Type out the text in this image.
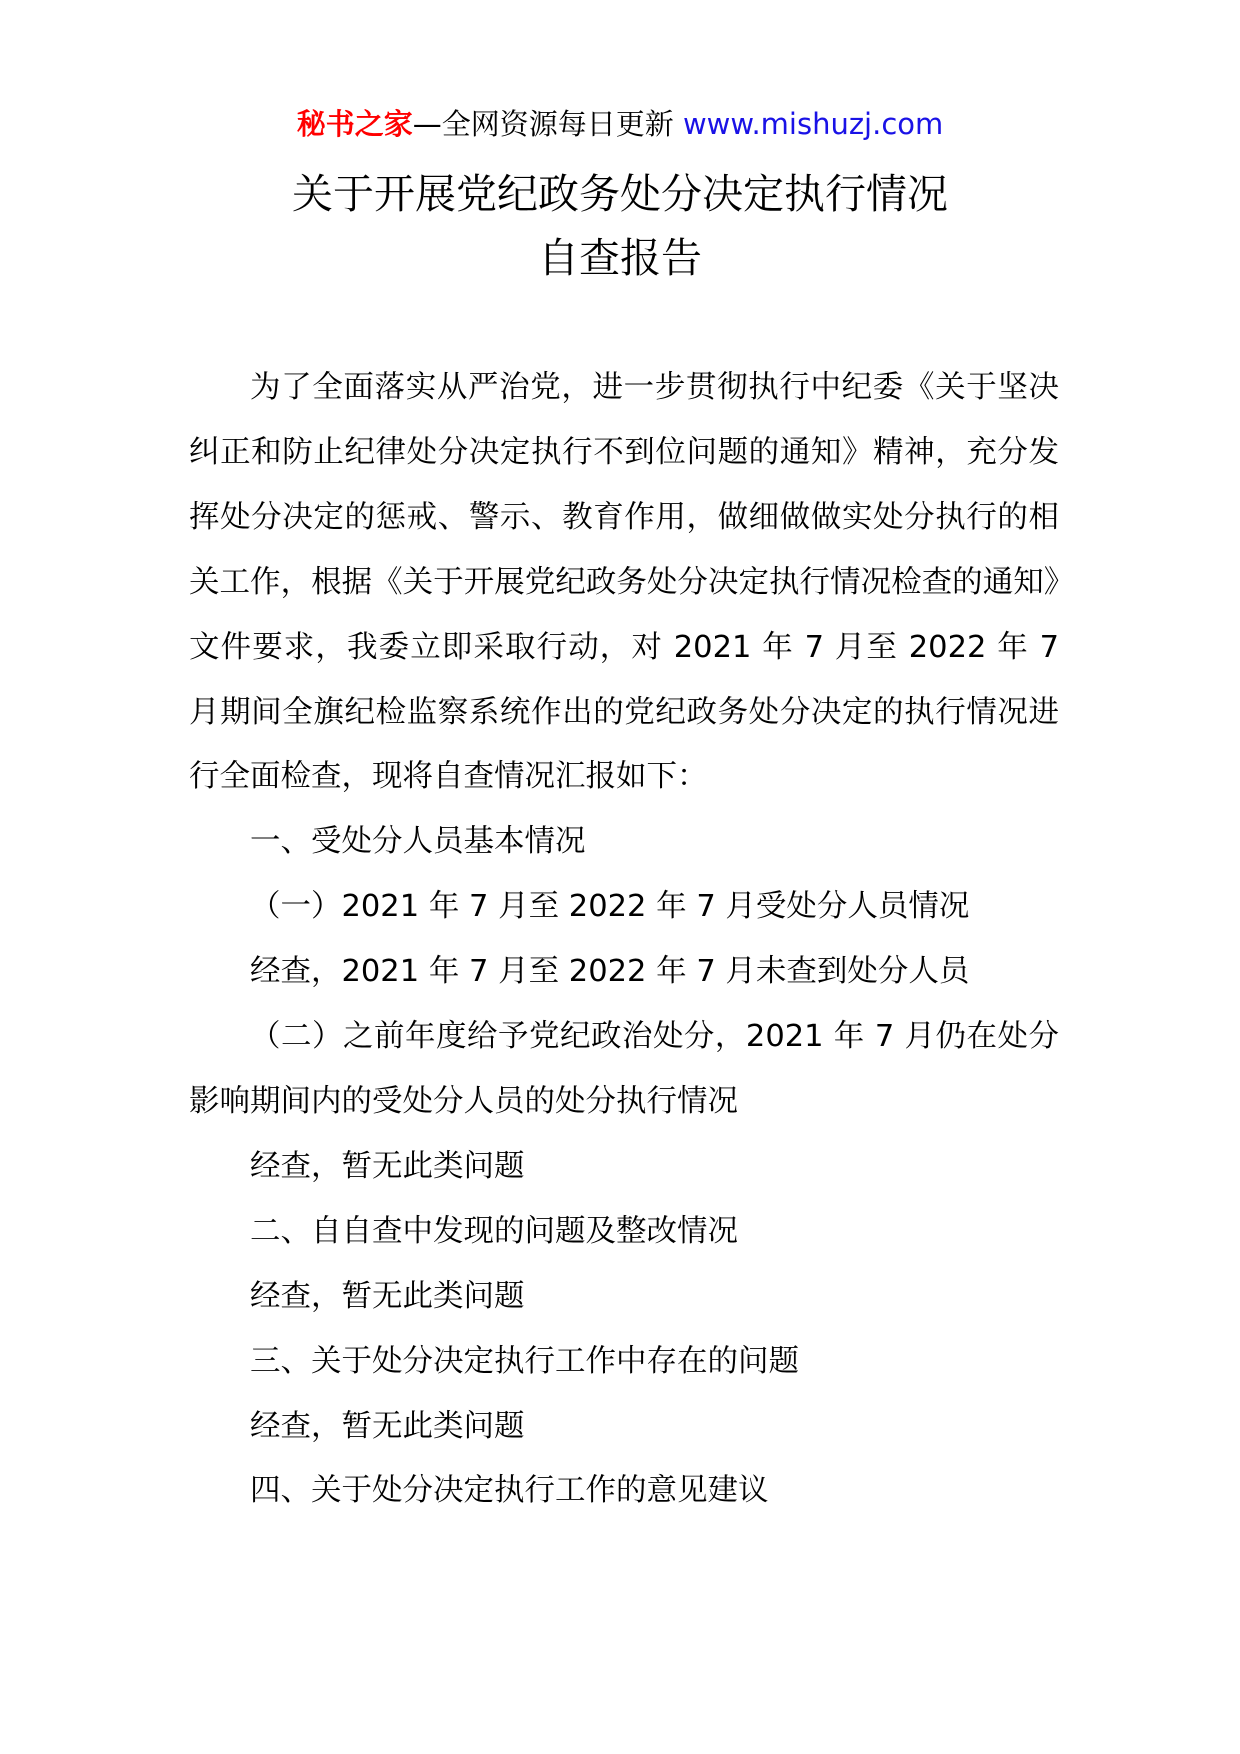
秘书之家—全网资源每日更新 www.mishuzj.com
关于开展党纪政务处分决定执行情况
自查报告

为了全面落实从严治党，进一步贯彻执行中纪委《关于坚决纠正和防止纪律处分决定执行不到位问题的通知》精神，充分发挥处分决定的惩戒、警示、教育作用，做细做做实处分执行的相关工作，根据《关于开展党纪政务处分决定执行情况检查的通知》文件要求，我委立即采取行动，对 2021 年 7 月至 2022 年 7 月期间全旗纪检监察系统作出的党纪政务处分决定的执行情况进行全面检查，现将自查情况汇报如下：

一、受处分人员基本情况

（一）2021 年 7 月至 2022 年 7 月受处分人员情况

经查，2021 年 7 月至 2022 年 7 月未查到处分人员

（二）之前年度给予党纪政治处分，2021 年 7 月仍在处分影响期间内的受处分人员的处分执行情况

经查，暂无此类问题

二、自自查中发现的问题及整改情况

经查，暂无此类问题

三、关于处分决定执行工作中存在的问题

经查，暂无此类问题

四、关于处分决定执行工作的意见建议
